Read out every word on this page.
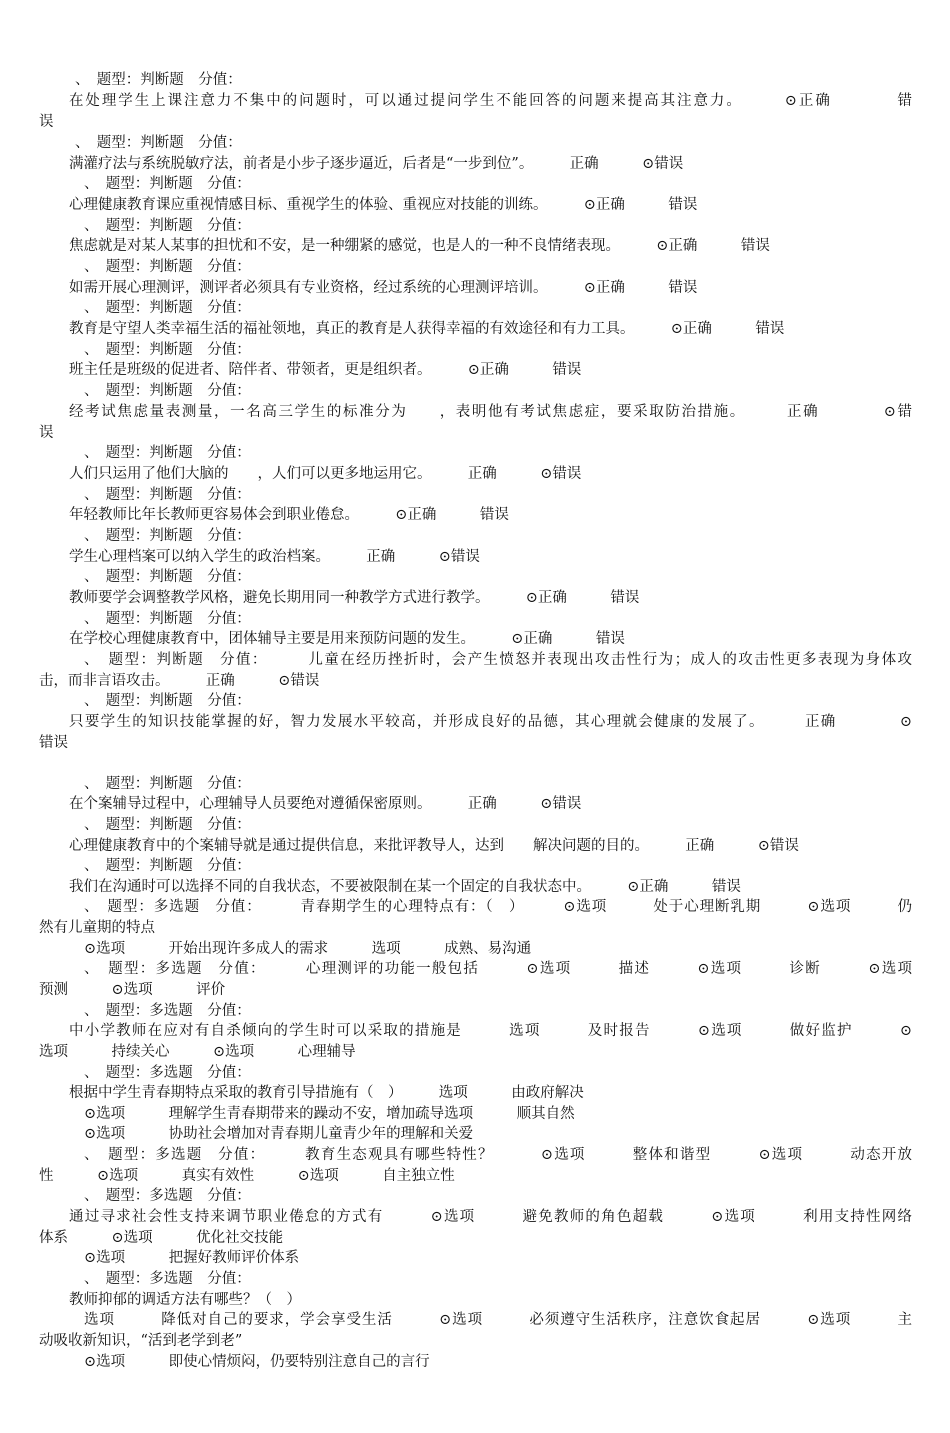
、　题型：判断题　分值：
在处理学生上课注意力不集中的问题时，可以通过提问学生不能回答的问题来提高其注意力。　　　⊙正确　　　　错
误
、　题型：判断题　分值：
满灌疗法与系统脱敏疗法，前者是小步子逐步逼近，后者是“一步到位”。　　　正确　　　⊙错误
、　题型：判断题　分值：
心理健康教育课应重视情感目标、重视学生的体验、重视应对技能的训练。　　　⊙正确　　　错误
、　题型：判断题　分值：
焦虑就是对某人某事的担忧和不安，是一种绷紧的感觉，也是人的一种不良情绪表现。　　　⊙正确　　　错误
、　题型：判断题　分值：
如需开展心理测评，测评者必须具有专业资格，经过系统的心理测评培训。　　　⊙正确　　　错误
、　题型：判断题　分值：
教育是守望人类幸福生活的福祉领地，真正的教育是人获得幸福的有效途径和有力工具。　　　⊙正确　　　错误
、　题型：判断题　分值：
班主任是班级的促进者、陪伴者、带领者，更是组织者。　　　⊙正确　　　错误
、　题型：判断题　分值：
经考试焦虑量表测量，一名高三学生的标准分为　　，表明他有考试焦虑症，要采取防治措施。　　　正确　　　　⊙错
误
、　题型：判断题　分值：
人们只运用了他们大脑的　　，人们可以更多地运用它。　　　正确　　　⊙错误
、　题型：判断题　分值：
年轻教师比年长教师更容易体会到职业倦怠。　　　⊙正确　　　错误
、　题型：判断题　分值：
学生心理档案可以纳入学生的政治档案。　　　正确　　　⊙错误
、　题型：判断题　分值：
教师要学会调整教学风格，避免长期用同一种教学方式进行教学。　　　⊙正确　　　错误
、　题型：判断题　分值：
在学校心理健康教育中，团体辅导主要是用来预防问题的发生。　　　⊙正确　　　错误
、　题型：判断题　分值：　　　儿童在经历挫折时，会产生愤怒并表现出攻击性行为；成人的攻击性更多表现为身体攻
击，而非言语攻击。　　　正确　　　⊙错误
、　题型：判断题　分值：
只要学生的知识技能掌握的好，智力发展水平较高，并形成良好的品德，其心理就会健康的发展了。　　　正确　　　　⊙
错误
、　题型：判断题　分值：
在个案辅导过程中，心理辅导人员要绝对遵循保密原则。　　　正确　　　⊙错误
、　题型：判断题　分值：
心理健康教育中的个案辅导就是通过提供信息，来批评教导人，达到　　解决问题的目的。　　　正确　　　⊙错误
、　题型：判断题　分值：
我们在沟通时可以选择不同的自我状态，不要被限制在某一个固定的自我状态中。　　　⊙正确　　　错误
、　题型：多选题　分值：　　　青春期学生的心理特点有：（　）　　　⊙选项　　　处于心理断乳期　　　⊙选项　　　仍
然有儿童期的特点
⊙选项　　　开始出现许多成人的需求　　　选项　　　成熟、易沟通
、　题型：多选题　分值：　　　心理测评的功能一般包括　　　⊙选项　　　描述　　　⊙选项　　　诊断　　　⊙选项
预测　　　⊙选项　　　评价
、　题型：多选题　分值：
中小学教师在应对有自杀倾向的学生时可以采取的措施是　　　选项　　　及时报告　　　⊙选项　　　做好监护　　　⊙
选项　　　持续关心　　　⊙选项　　　心理辅导
、　题型：多选题　分值：
根据中学生青春期特点采取的教育引导措施有（　）　　　选项　　　由政府解决
⊙选项　　　理解学生青春期带来的躁动不安，增加疏导选项　　　顺其自然
⊙选项　　　协助社会增加对青春期儿童青少年的理解和关爱
、　题型：多选题　分值：　　　教育生态观具有哪些特性？　　　⊙选项　　　整体和谐型　　　⊙选项　　　动态开放
性　　　⊙选项　　　真实有效性　　　⊙选项　　　自主独立性
、　题型：多选题　分值：
通过寻求社会性支持来调节职业倦怠的方式有　　　⊙选项　　　避免教师的角色超载　　　⊙选项　　　利用支持性网络
体系　　　⊙选项　　　优化社交技能
⊙选项　　　把握好教师评价体系
、　题型：多选题　分值：
教师抑郁的调适方法有哪些？（　）
选项　　　降低对自己的要求，学会享受生活　　　⊙选项　　　必须遵守生活秩序，注意饮食起居　　　⊙选项　　　主
动吸收新知识，“活到老学到老”
⊙选项　　　即使心情烦闷，仍要特别注意自己的言行
